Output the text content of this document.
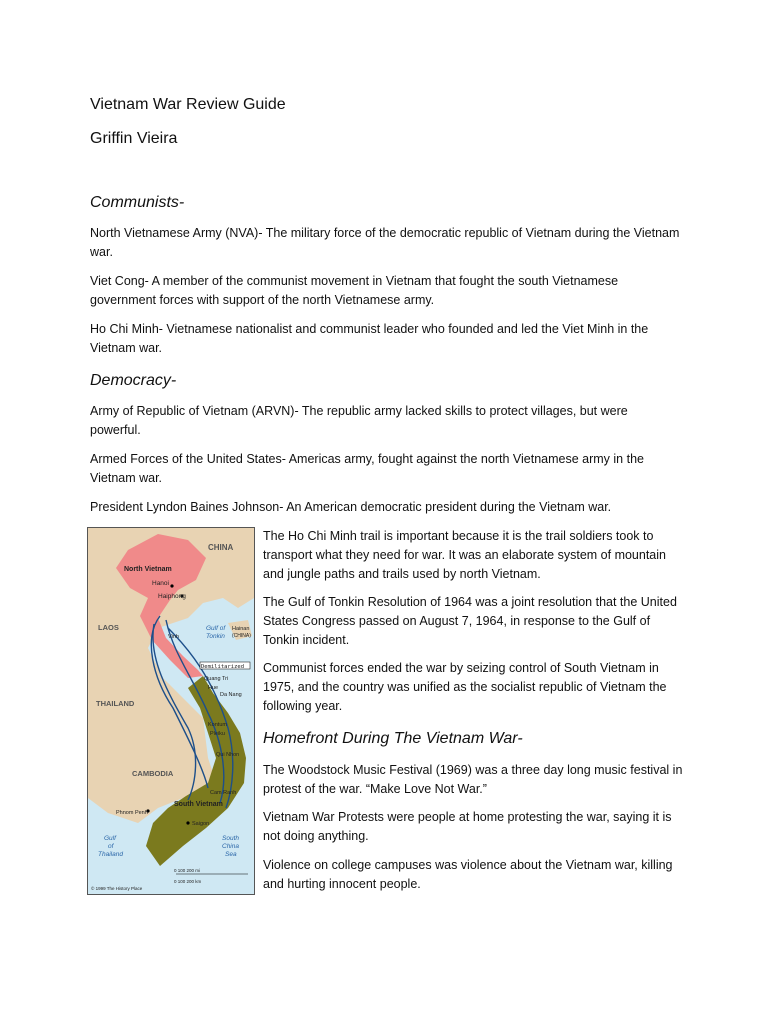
Vietnam War Review Guide
Griffin Vieira
Communists-
North Vietnamese Army (NVA)- The military force of the democratic republic of Vietnam during the Vietnam war.
Viet Cong- A member of the communist movement in Vietnam that fought the south Vietnamese government forces with support of the north Vietnamese army.
Ho Chi Minh- Vietnamese nationalist and communist leader who founded and led the Viet Minh in the Vietnam war.
Democracy-
Army of Republic of Vietnam (ARVN)- The republic army lacked skills to protect villages, but were powerful.
Armed Forces of the United States- Americas army, fought against the north Vietnamese army in the Vietnam war.
President Lyndon Baines Johnson- An American democratic president during the Vietnam war.
CHINA
North Vietnam
Hanoi
Haiphong
Gulf of
Tonkin
Hainan
(CHINA)
LAOS
Vinh
Demilitarized
Quang Tri
Hue
Da Nang
THAILAND
Kontum
Pleiku
Qui Nhon
CAMBODIA
Cam Ranh
Phnom Penh
South Vietnam
Saigon
Gulf
of
Thailand
South
China
Sea
0 100 200 mi
0 100 200 km
© 1999 The History Place
The Ho Chi Minh trail is important because it is the trail soldiers took to transport what they need for war. It was an elaborate system of mountain and jungle paths and trails used by north Vietnam.
The Gulf of Tonkin Resolution of 1964 was a joint resolution that the United States Congress passed on August 7, 1964, in response to the Gulf of Tonkin incident.
Communist forces ended the war by seizing control of South Vietnam in 1975, and the country was unified as the socialist republic of Vietnam the following year.
Homefront During The Vietnam War-
The Woodstock Music Festival (1969) was a three day long music festival in protest of the war. “Make Love Not War.”
Vietnam War Protests were people at home protesting the war, saying it is not doing anything.
Violence on college campuses was violence about the Vietnam war, killing and hurting innocent people.
